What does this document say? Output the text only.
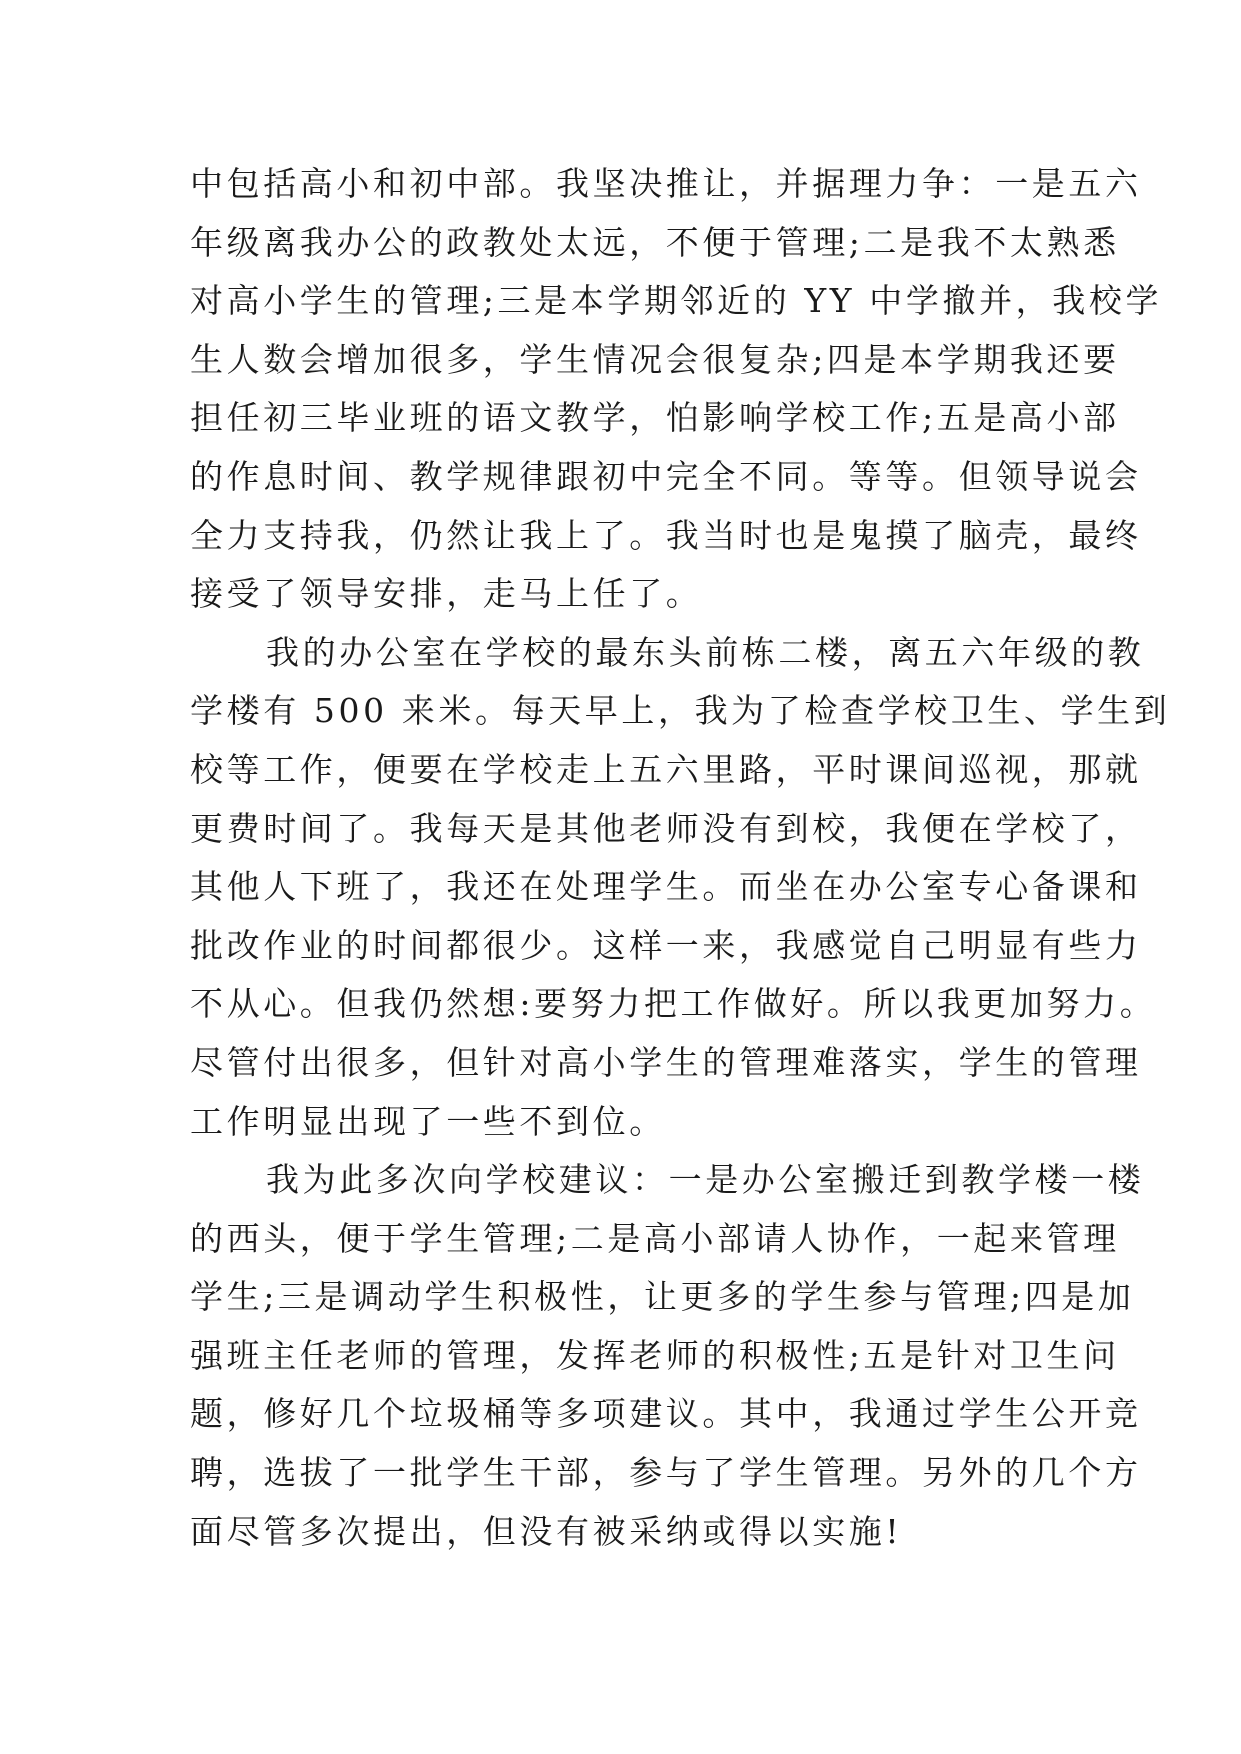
中包括高小和初中部。我坚决推让，并据理力争：一是五六
年级离我办公的政教处太远，不便于管理;二是我不太熟悉
对高小学生的管理;三是本学期邻近的 YY 中学撤并，我校学
生人数会增加很多，学生情况会很复杂;四是本学期我还要
担任初三毕业班的语文教学，怕影响学校工作;五是高小部
的作息时间、教学规律跟初中完全不同。等等。但领导说会
全力支持我，仍然让我上了。我当时也是鬼摸了脑壳，最终
接受了领导安排，走马上任了。
我的办公室在学校的最东头前栋二楼，离五六年级的教
学楼有 500 来米。每天早上，我为了检查学校卫生、学生到
校等工作，便要在学校走上五六里路，平时课间巡视，那就
更费时间了。我每天是其他老师没有到校，我便在学校了，
其他人下班了，我还在处理学生。而坐在办公室专心备课和
批改作业的时间都很少。这样一来，我感觉自己明显有些力
不从心。但我仍然想:要努力把工作做好。所以我更加努力。
尽管付出很多，但针对高小学生的管理难落实，学生的管理
工作明显出现了一些不到位。
我为此多次向学校建议：一是办公室搬迁到教学楼一楼
的西头，便于学生管理;二是高小部请人协作，一起来管理
学生;三是调动学生积极性，让更多的学生参与管理;四是加
强班主任老师的管理，发挥老师的积极性;五是针对卫生问
题，修好几个垃圾桶等多项建议。其中，我通过学生公开竞
聘，选拔了一批学生干部，参与了学生管理。另外的几个方
面尽管多次提出，但没有被采纳或得以实施!
